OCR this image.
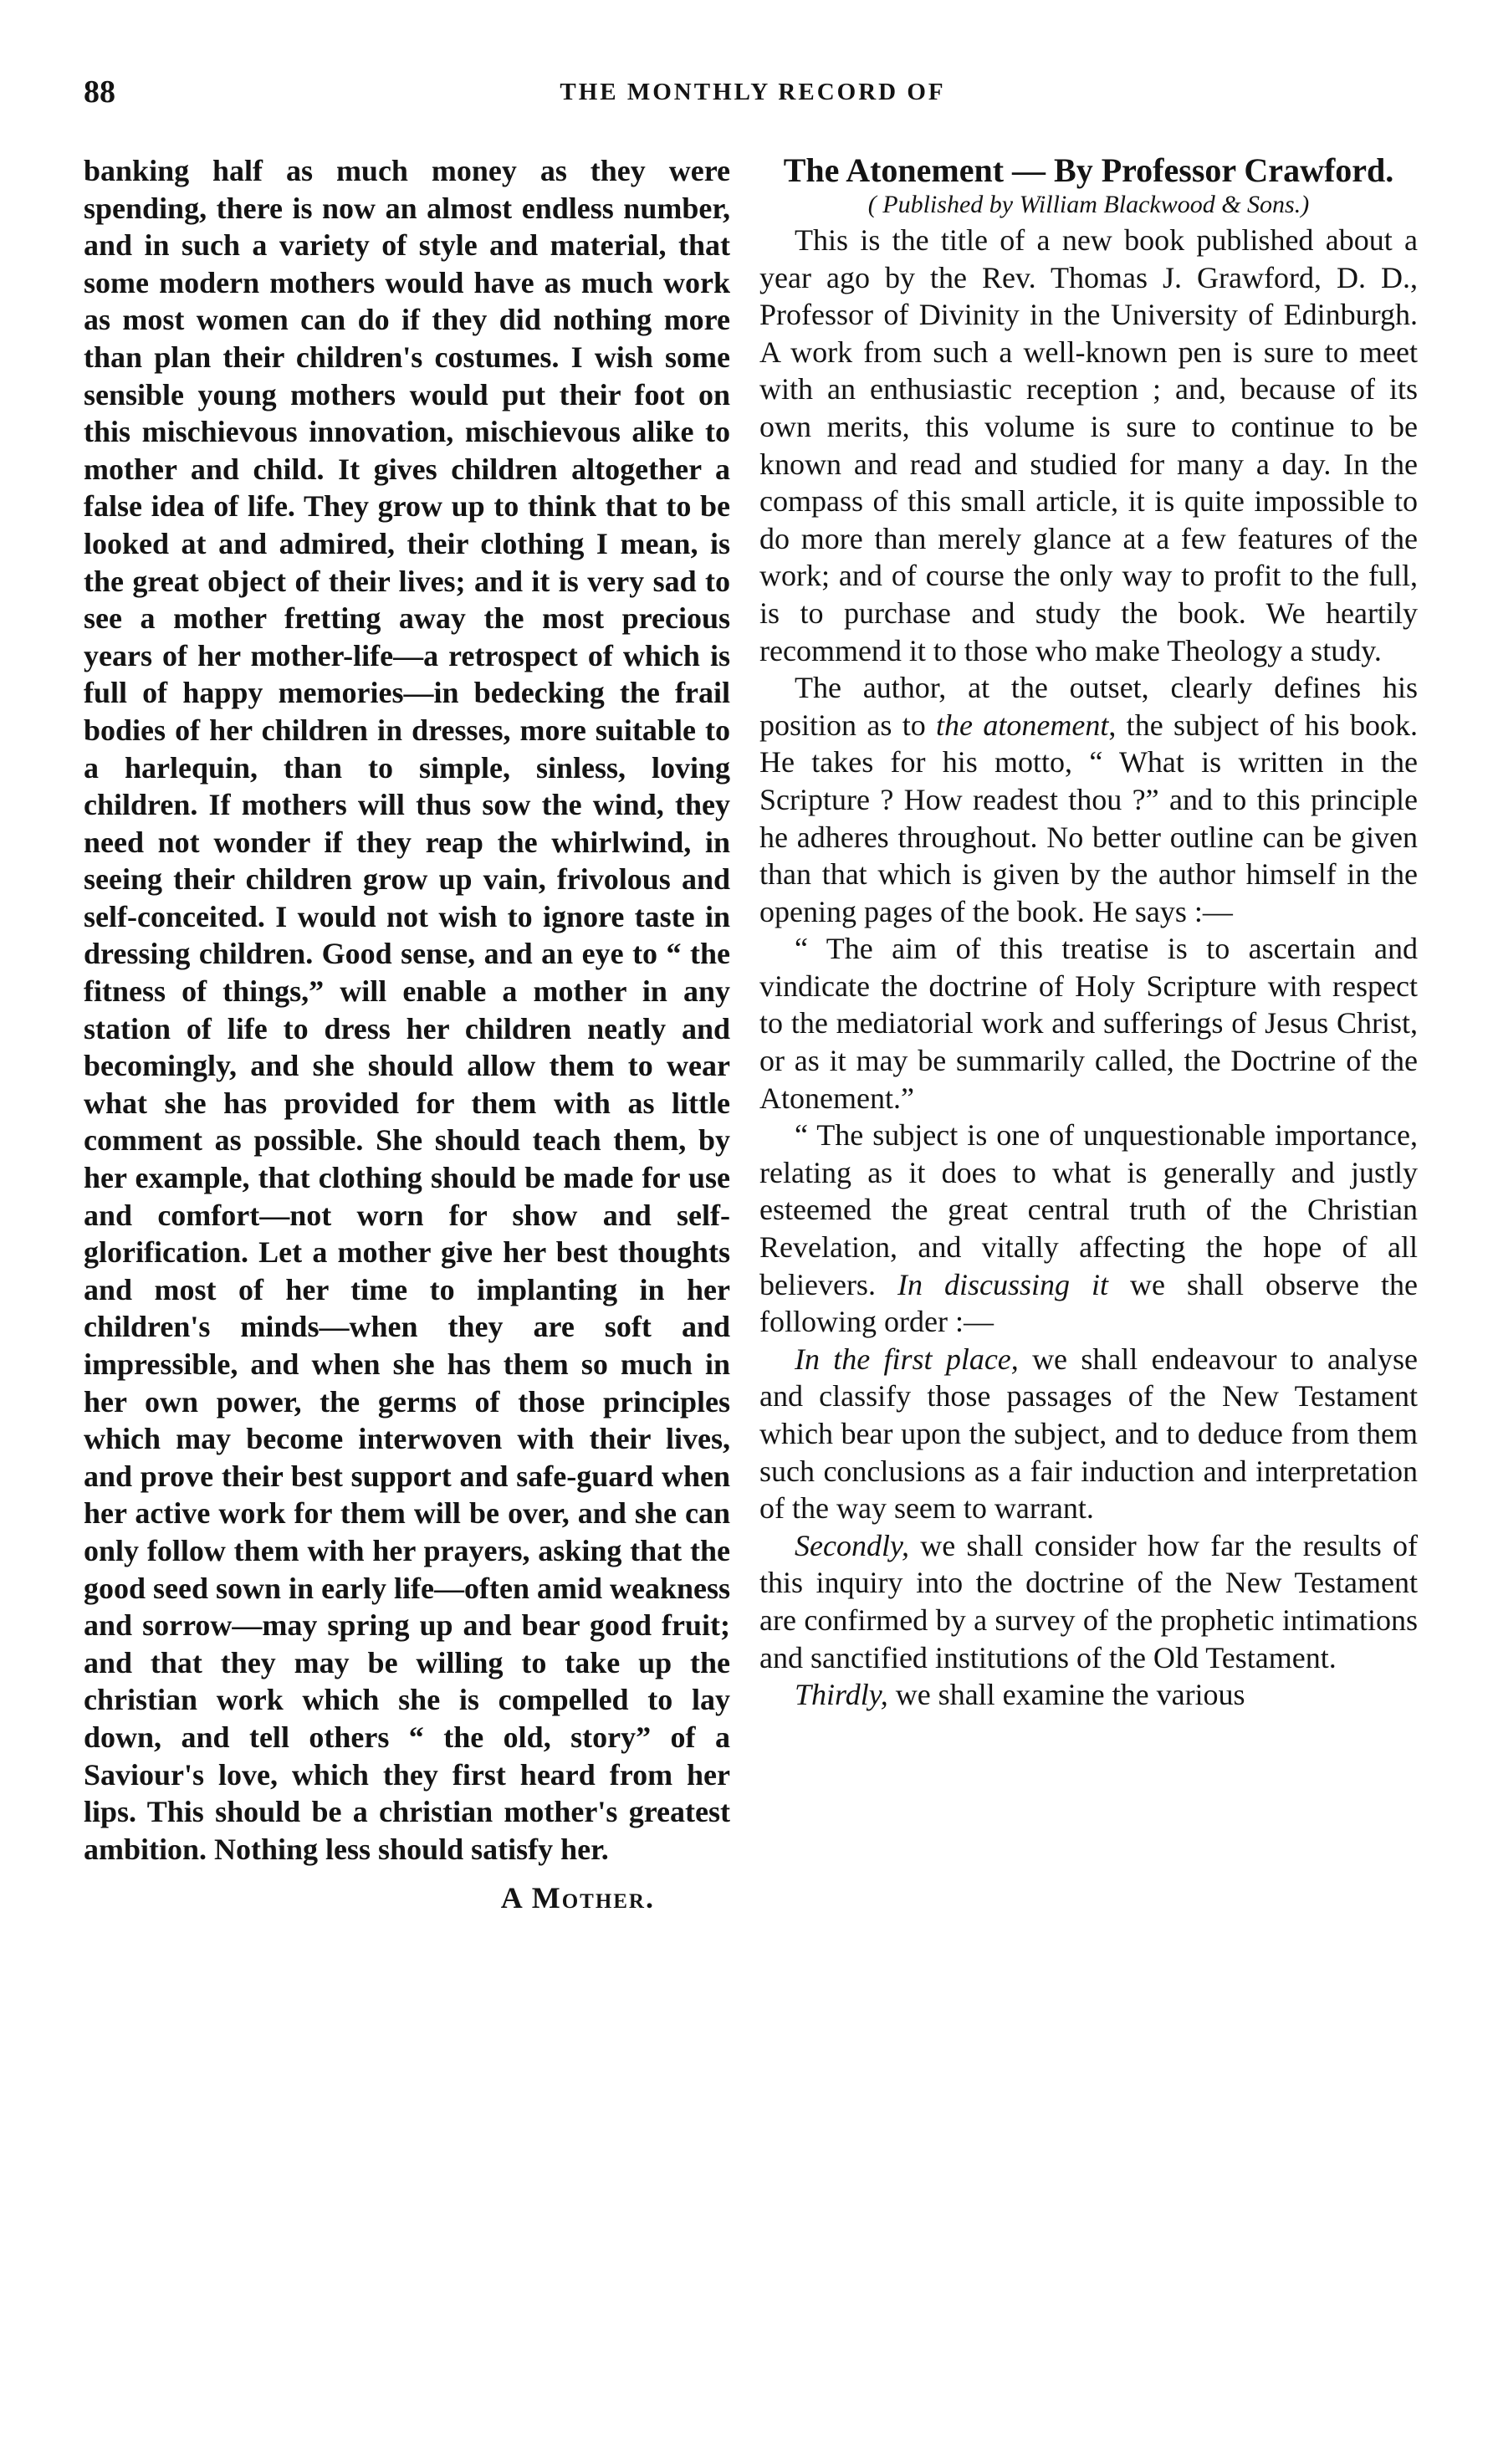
88	THE MONTHLY RECORD OF

banking half as much money as they were spending, there is now an almost endless number, and in such a variety of style and material, that some modern mothers would have as much work as most women can do if they did nothing more than plan their children's costumes. I wish some sensible young mothers would put their foot on this mischievous innovation, mischievous alike to mother and child. It gives children altogether a false idea of life. They grow up to think that to be looked at and admired, their clothing I mean, is the great object of their lives; and it is very sad to see a mother fretting away the most precious years of her mother-life—a retrospect of which is full of happy memories—in bedecking the frail bodies of her children in dresses, more suitable to a harlequin, than to simple, sinless, loving children. If mothers will thus sow the wind, they need not wonder if they reap the whirlwind, in seeing their children grow up vain, frivolous and self-conceited. I would not wish to ignore taste in dressing children. Good sense, and an eye to “ the fitness of things,” will enable a mother in any station of life to dress her children neatly and becomingly, and she should allow them to wear what she has provided for them with as little comment as possible. She should teach them, by her example, that clothing should be made for use and comfort—not worn for show and self-glorification. Let a mother give her best thoughts and most of her time to implanting in her children's minds—when they are soft and impressible, and when she has them so much in her own power, the germs of those principles which may become interwoven with their lives, and prove their best support and safe-guard when her active work for them will be over, and she can only follow them with her prayers, asking that the good seed sown in early life—often amid weakness and sorrow—may spring up and bear good fruit; and that they may be willing to take up the christian work which she is compelled to lay down, and tell others “ the old, story” of a Saviour's love, which they first heard from her lips. This should be a christian mother's greatest ambition. Nothing less should satisfy her.

A Mother.

The Atonement — By Professor Crawford.

( Published by William Blackwood & Sons.)

This is the title of a new book published about a year ago by the Rev. Thomas J. Grawford, D. D., Professor of Divinity in the University of Edinburgh. A work from such a well-known pen is sure to meet with an enthusiastic reception ; and, because of its own merits, this volume is sure to continue to be known and read and studied for many a day. In the compass of this small article, it is quite impossible to do more than merely glance at a few features of the work; and of course the only way to profit to the full, is to purchase and study the book. We heartily recommend it to those who make Theology a study.

The author, at the outset, clearly defines his position as to the atonement, the subject of his book. He takes for his motto, “ What is written in the Scripture ? How readest thou ?” and to this principle he adheres throughout. No better outline can be given than that which is given by the author himself in the opening pages of the book. He says :—

“ The aim of this treatise is to ascertain and vindicate the doctrine of Holy Scripture with respect to the mediatorial work and sufferings of Jesus Christ, or as it may be summarily called, the Doctrine of the Atonement.”

“ The subject is one of unquestionable importance, relating as it does to what is generally and justly esteemed the great central truth of the Christian Revelation, and vitally affecting the hope of all believers. In discussing it we shall observe the following order :—

In the first place, we shall endeavour to analyse and classify those passages of the New Testament which bear upon the subject, and to deduce from them such conclusions as a fair induction and interpretation of the way seem to warrant.

Secondly, we shall consider how far the results of this inquiry into the doctrine of the New Testament are confirmed by a survey of the prophetic intimations and sanctified institutions of the Old Testament.

Thirdly, we shall examine the various
